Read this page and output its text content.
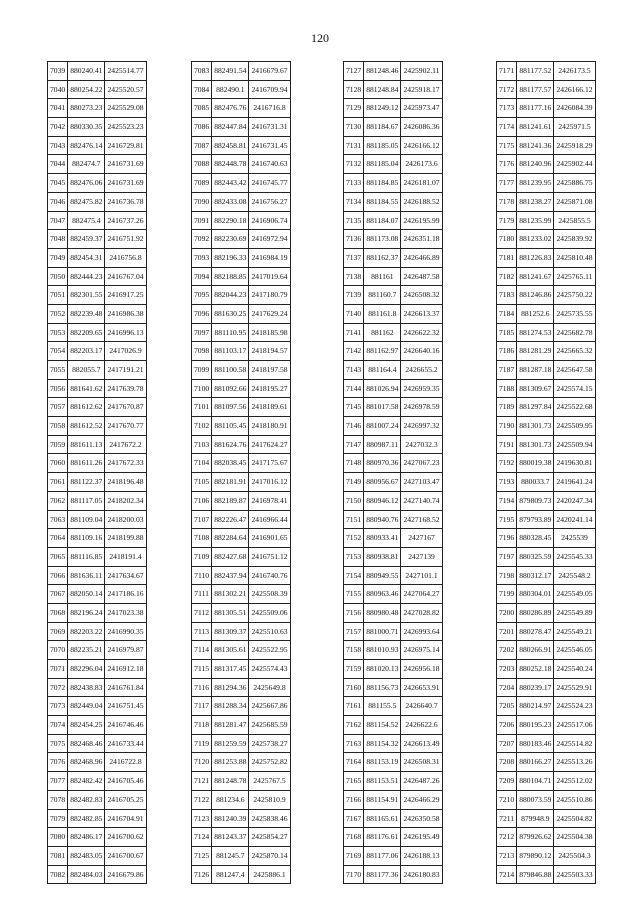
120
7039	880240.41	2425514.77
7040	880254.22	2425520.57
7041	880273.23	2425529.08
7042	880330.35	2425523.23
7043	882476.14	2416729.81
7044	882474.7	2416731.69
7045	882476.06	2416731.69
7046	882475.82	2416736.78
7047	882475.4	2416737.26
7048	882459.37	2416751.92
7049	882454.31	2416756.8
7050	882444.23	2416767.04
7051	882301.55	2416917.25
7052	882239.48	2416986.38
7053	882209.65	2416996.13
7054	882203.17	2417026.9
7055	882055.7	2417191.21
7056	881641.62	2417639.78
7057	881612.62	2417670.87
7058	881612.52	2417670.77
7059	881611.13	2417672.2
7060	881611.26	2417672.33
7061	881122.37	2418196.48
7062	881117.05	2418202.34
7063	881109.04	2418200.03
7064	881109.16	2418199.88
7065	881116.85	2418191.4
7066	881636.11	2417634.67
7067	882050.14	2417186.16
7068	882196.24	2417023.38
7069	882203.22	2416990.35
7070	882235.21	2416979.87
7071	882296.04	2416912.18
7072	882438.83	2416761.84
7073	882449.04	2416751.45
7074	882454.25	2416746.46
7075	882468.46	2416733.44
7076	882468.96	2416722.8
7077	882482.42	2416705.46
7078	882482.83	2416705.25
7079	882482.85	2416704.91
7080	882486.17	2416700.62
7081	882483.05	2416700.67
7082	882484.03	2416679.86
7083	882491.54	2416679.67
7084	882490.1	2416709.94
7085	882476.76	2416716.8
7086	882447.84	2416731.31
7087	882458.81	2416731.45
7088	882448.78	2416740.63
7089	882443.42	2416745.77
7090	882433.08	2416756.27
7091	882290.18	2416906.74
7092	882230.69	2416972.94
7093	882196.33	2416984.19
7094	882188.85	2417019.64
7095	882044.23	2417180.79
7096	881630.25	2417629.24
7097	881110.95	2418185.98
7098	881103.17	2418194.57
7099	881100.58	2418197.58
7100	881092.66	2418195.27
7101	881097.56	2418189.61
7102	881105.45	2418180.91
7103	881624.76	2417624.27
7104	882038.45	2417175.67
7105	882181.91	2417016.12
7106	882189.87	2416978.41
7107	882226.47	2416966.44
7108	882284.64	2416901.65
7109	882427.68	2416751.12
7110	882437.94	2416740.76
7111	881302.21	2425508.39
7112	881305.51	2425509.06
7113	881309.37	2425510.63
7114	881305.61	2425522.95
7115	881317.45	2425574.43
7116	881294.36	2425649.8
7117	881288.34	2425667.86
7118	881281.47	2425685.59
7119	881259.59	2425738.27
7120	881253.88	2425752.82
7121	881248.78	2425767.5
7122	881234.6	2425810.9
7123	881240.39	2425838.46
7124	881243.37	2425854.27
7125	881245.7	2425870.14
7126	881247.4	2425886.1
7127	881248.46	2425902.11
7128	881248.84	2425918.17
7129	881249.12	2425973.47
7130	881184.67	2426086.36
7131	881185.05	2426166.12
7132	881185.04	2426173.6
7133	881184.85	2426181.07
7134	881184.55	2426188.52
7135	881184.07	2426195.99
7136	881173.08	2426351.18
7137	881162.37	2426466.89
7138	881161	2426487.58
7139	881160.7	2426508.32
7140	881161.8	2426613.37
7141	881162	2426622.32
7142	881162.97	2426640.16
7143	881164.4	2426655.2
7144	881026.94	2426959.35
7145	881017.58	2426978.59
7146	881007.24	2426997.32
7147	880987.11	2427032.3
7148	880970.36	2427067.23
7149	880956.67	2427103.47
7150	880946.12	2427140.74
7151	880940.76	2427168.52
7152	880933.41	2427167
7153	880938.81	2427139
7154	880949.55	2427101.1
7155	880963.46	2427064.27
7156	880980.48	2427028.82
7157	881000.71	2426993.64
7158	881010.93	2426975.14
7159	881020.13	2426956.18
7160	881156.73	2426653.91
7161	881155.5	2426640.7
7162	881154.52	2426622.6
7163	881154.32	2426613.49
7164	881153.19	2426508.31
7165	881153.51	2426487.26
7166	881154.91	2426466.29
7167	881165.61	2426350.58
7168	881176.61	2426195.49
7169	881177.06	2426188.13
7170	881177.36	2426180.83
7171	881177.52	2426173.5
7172	881177.57	2426166.12
7173	881177.16	2426084.39
7174	881241.61	2425971.5
7175	881241.36	2425918.29
7176	881240.96	2425902.44
7177	881239.95	2425886.75
7178	881238.27	2425871.08
7179	881235.99	2425855.5
7180	881233.02	2425839.92
7181	881226.83	2425810.48
7182	881241.67	2425765.11
7183	881246.86	2425750.22
7184	881252.6	2425735.55
7185	881274.53	2425682.78
7186	881281.29	2425665.32
7187	881287.18	2425647.58
7188	881309.67	2425574.15
7189	881297.84	2425522.68
7190	881301.73	2425509.95
7191	881301.73	2425509.94
7192	880019.38	2419630.81
7193	880033.7	2419641.24
7194	879809.73	2420247.34
7195	879793.89	2420241.14
7196	880328.45	2425539
7197	880325.59	2425545.33
7198	880312.17	2425548.2
7199	880304.01	2425549.05
7200	880286.89	2425549.89
7201	880278.47	2425549.21
7202	880266.91	2425546.05
7203	880252.18	2425540.24
7204	880239.17	2425529.91
7205	880214.97	2425524.23
7206	880195.23	2425517.06
7207	880183.46	2425514.82
7208	880166.27	2425513.26
7209	880104.71	2425512.02
7210	880073.59	2425510.86
7211	879948.9	2425504.82
7212	879926.62	2425504.38
7213	879890.12	2425504.3
7214	879846.88	2425503.33
